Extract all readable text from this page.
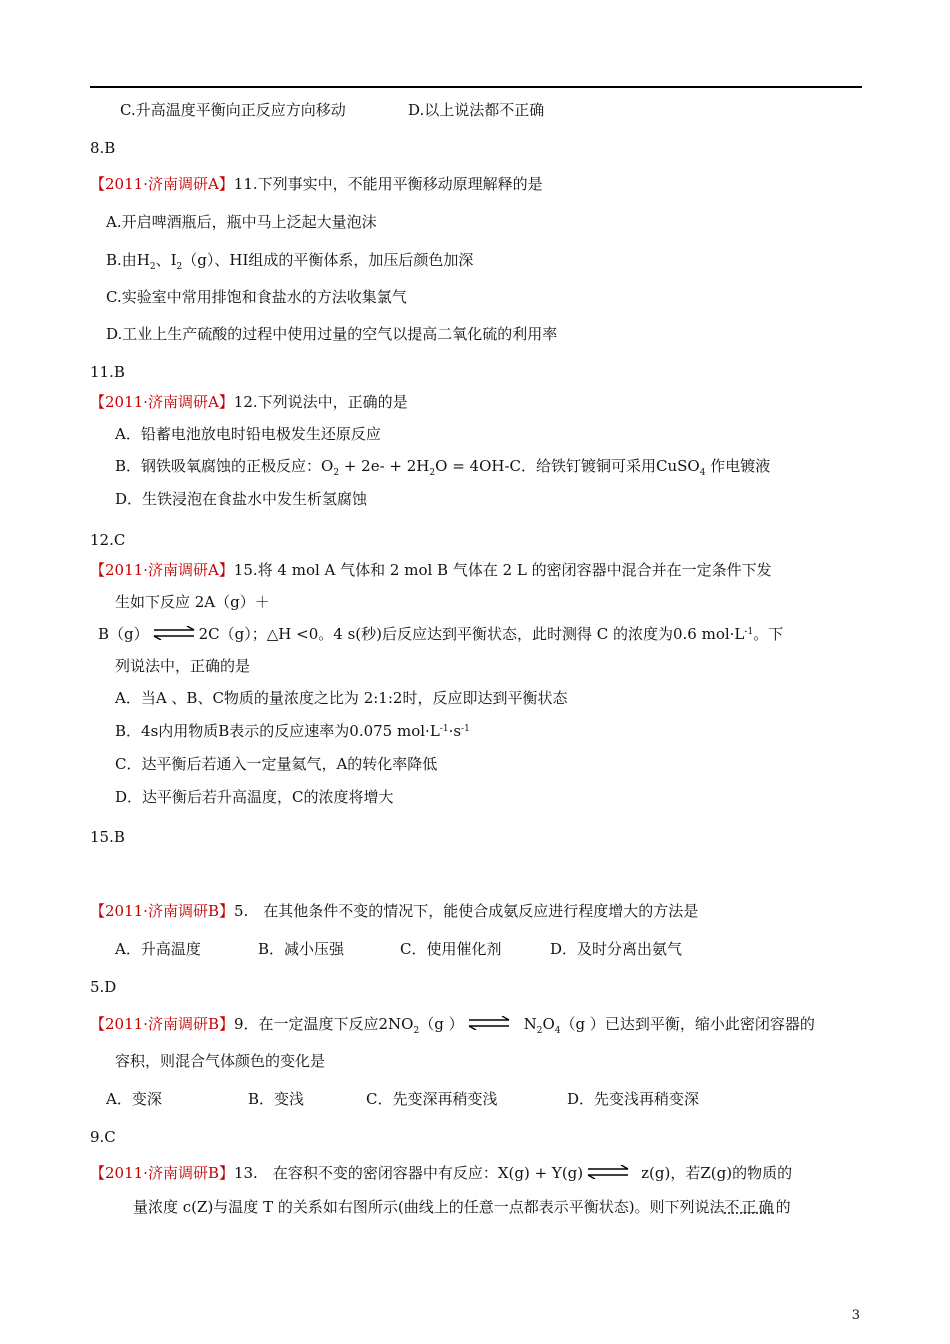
C.升高温度平衡向正反应方向移动	D.以上说法都不正确
8.B
【2011·济南调研A】11.下列事实中，不能用平衡移动原理解释的是
A.开启啤酒瓶后，瓶中马上泛起大量泡沫
B.由$H_2$、$I_2(g)$、HI组成的平衡体系，加压后颜色加深
C.实验室中常用排饱和食盐水的方法收集氯气
D.工业上生产硫酸的过程中使用过量的空气以提高二氧化硫的利用率
11.B
【2011·济南调研A】12.下列说法中，正确的是
A．铅蓄电池放电时铅电极发生还原反应
B．钢铁吸氧腐蚀的正极反应：$O_2 + 2e- + 2H_2O = 4OH-C$．给铁钉镀铜可采用CuSO$_4$ 作电镀液
D．生铁浸泡在食盐水中发生析氢腐蚀
12.C
【2011·济南调研A】15.将 4 mol A 气体和 2 mol B 气体在 2 L 的密闭容器中混合并在一定条件下发
生如下反应 2A（g）＋
B（g） ⇌ 2C（g）；△H <0。4 s(秒)后反应达到平衡状态，此时测得 C 的浓度为0.6 $mol\cdot L^{-1}$。下
列说法中，正确的是
A．当A 、B、C物质的量浓度之比为 2:1:2时，反应即达到平衡状态
B．4s内用物质B表示的反应速率为0.075 $mol\cdot L^{-1}\cdot s^{-1}$
C．达平衡后若通入一定量氦气，A的转化率降低
D．达平衡后若升高温度，C的浓度将增大
15.B
【2011·济南调研B】5.　在其他条件不变的情况下，能使合成氨反应进行程度增大的方法是
A．升高温度	B．减小压强	C．使用催化剂	D．及时分离出氨气
5.D
【2011·济南调研B】9．在一定温度下反应$2NO_2(g$ ） ⇌ $N_2O_4(g$ ）已达到平衡，缩小此密闭容器的
容积，则混合气体颜色的变化是
A．变深	B．变浅	C．先变深再稍变浅	D．先变浅再稍变深
9.C
【2011·济南调研B】13.　在容积不变的密闭容器中有反应：X(g) + Y(g) ⇌ z(g)，若Z(g)的物质的
量浓度 c(Z)与温度 T 的关系如右图所示(曲线上的任意一点都表示平衡状态)。则下列说法不正确的
3
